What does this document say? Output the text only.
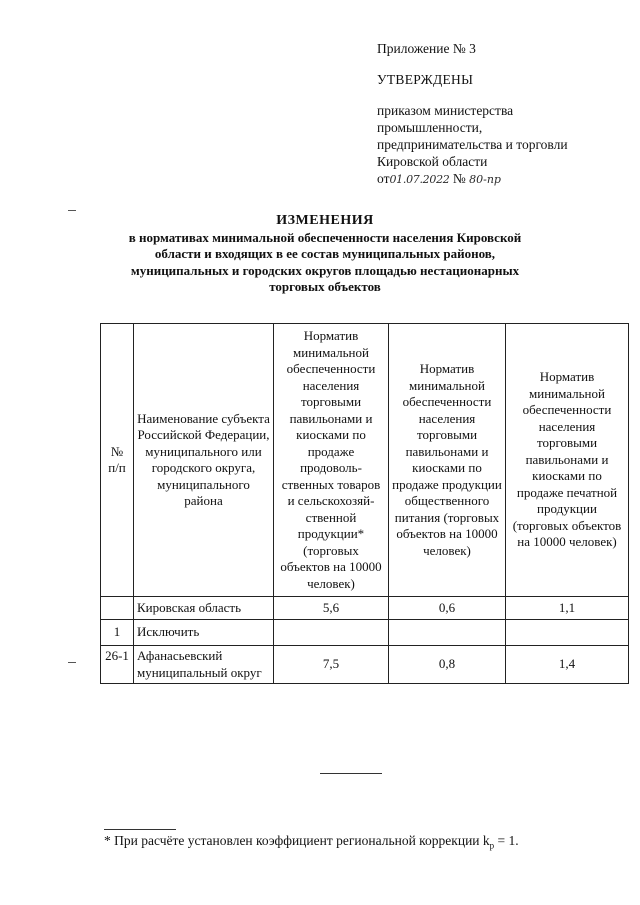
Приложение № 3
УТВЕРЖДЕНЫ
приказом министерства
промышленности,
предпринимательства и торговли
Кировской области
от01.07.2022 № 80-пр
ИЗМЕНЕНИЯ
в нормативах минимальной обеспеченности населения Кировской
области и входящих в ее состав муниципальных районов,
муниципальных и городских округов площадью нестационарных
торговых объектов
№ п/п	Наименование субъекта Российской Федерации, муниципального или городского округа, муниципального района	Норматив минимальной обеспеченности населения торговыми павильонами и киосками по продаже продоволь-ственных товаров и сельскохозяй-ственной продукции* (торговых объектов на 10000 человек)	Норматив минимальной обеспеченности населения торговыми павильонами и киосками по продаже продукции общественного питания (торговых объектов на 10000 человек)	Норматив минимальной обеспеченности населения торговыми павильонами и киосками по продаже печатной продукции (торговых объектов на 10000 человек)
	Кировская область	5,6	0,6	1,1
1	Исключить			
26-1	Афанасьевский муниципальный округ	7,5	0,8	1,4
* При расчёте установлен коэффициент региональной коррекции $k_р = 1$.
